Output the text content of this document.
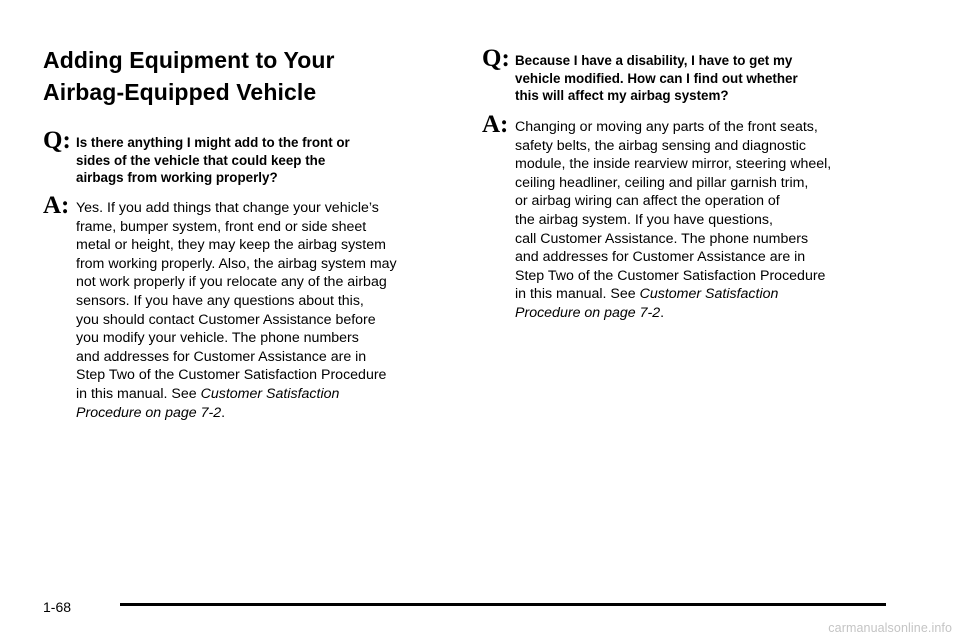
Adding Equipment to Your
Airbag-Equipped Vehicle
Q: Is there anything I might add to the front or
sides of the vehicle that could keep the
airbags from working properly?

A: Yes. If you add things that change your vehicle’s
frame, bumper system, front end or side sheet
metal or height, they may keep the airbag system
from working properly. Also, the airbag system may
not work properly if you relocate any of the airbag
sensors. If you have any questions about this,
you should contact Customer Assistance before
you modify your vehicle. The phone numbers
and addresses for Customer Assistance are in
Step Two of the Customer Satisfaction Procedure
in this manual. See Customer Satisfaction
Procedure on page 7-2.

Q: Because I have a disability, I have to get my
vehicle modified. How can I find out whether
this will affect my airbag system?

A: Changing or moving any parts of the front seats,
safety belts, the airbag sensing and diagnostic
module, the inside rearview mirror, steering wheel,
ceiling headliner, ceiling and pillar garnish trim,
or airbag wiring can affect the operation of
the airbag system. If you have questions,
call Customer Assistance. The phone numbers
and addresses for Customer Assistance are in
Step Two of the Customer Satisfaction Procedure
in this manual. See Customer Satisfaction
Procedure on page 7-2.

1-68
carmanualsonline.info
